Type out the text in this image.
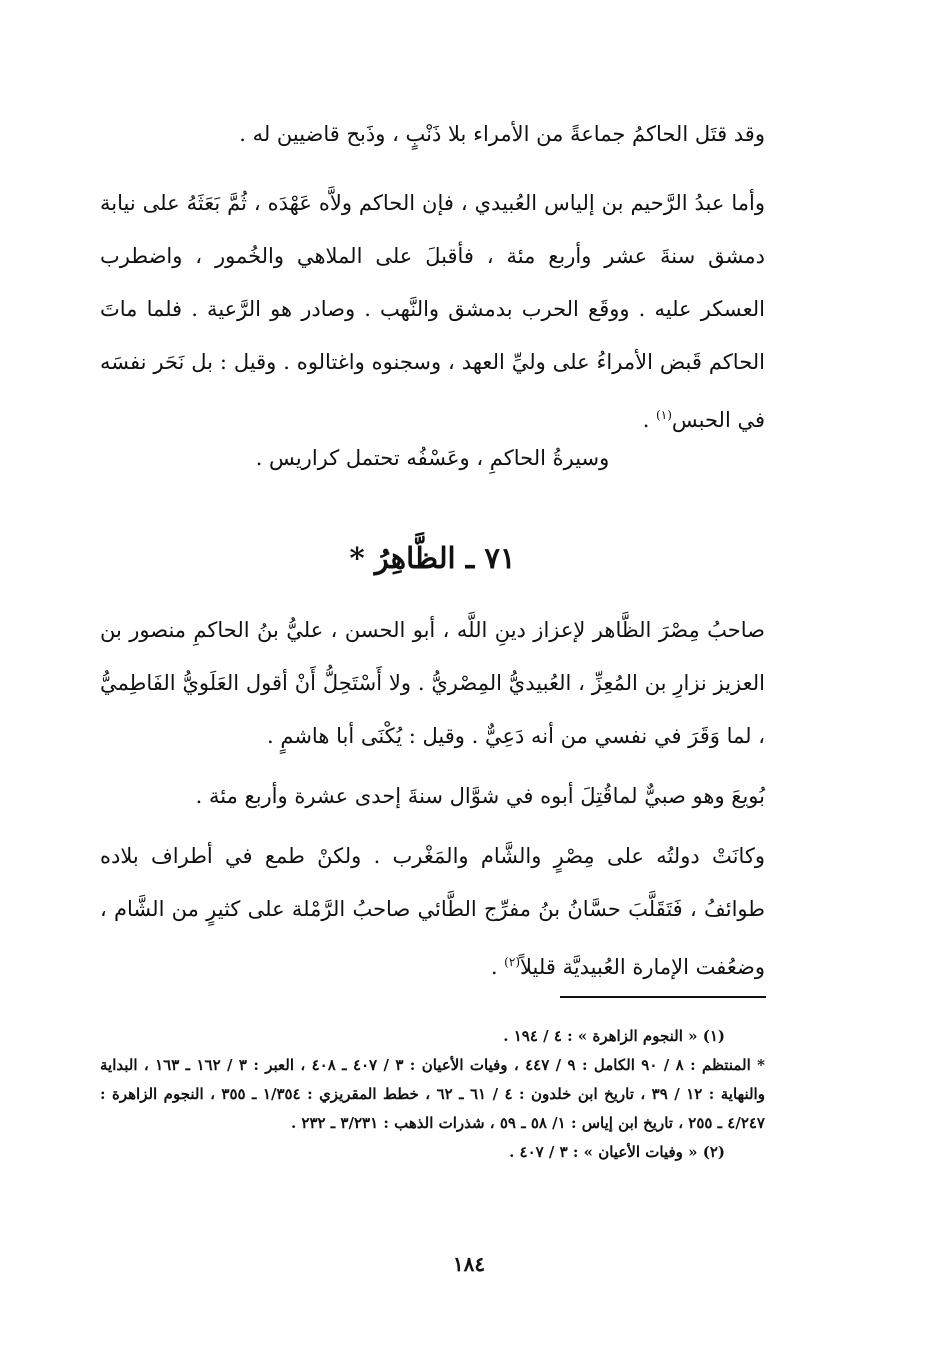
وقد قتَل الحاكمُ جماعةً من الأمراء بلا ذَنْبٍ ، وذَبح قاضيين له .

وأما عبدُ الرَّحيم بن إلياس العُبيدي ، فإن الحاكم ولاَّه عَهْدَه ، ثُمَّ بَعَثَهُ على نيابة دمشق سنةَ عشر وأربع مئة ، فأقبلَ على الملاهي والخُمور ، واضطرب العسكر عليه . ووقَع الحرب بدمشق والنَّهب . وصادر هو الرَّعية . فلما ماتَ الحاكم قَبض الأمراءُ على وليِّ العهد ، وسجنوه واغتالوه . وقيل : بل نَحَر نفسَه في الحبس$^{(١)}$ .

وسيرةُ الحاكمِ ، وعَسْفُه تحتمل كراريس .

٧١ ـ الظَّاهِرُ *

صاحبُ مِصْرَ الظَّاهر لإعزاز دينِ اللَّه ، أبو الحسن ، عليُّ بنُ الحاكمِ منصور بن العزيز نزارِ بن المُعِزِّ ، العُبيديُّ المِصْريُّ . ولا أَسْتَحِلُّ أَنْ أقول العَلَويُّ الفَاطِميُّ ، لما وَقَرَ في نفسي من أنه دَعِيٌّ . وقيل : يُكْنَى أبا هاشمٍ .

بُويعَ وهو صبيٌّ لماقُتِلَ أبوه في شوَّال سنةَ إحدى عشرة وأربع مئة .

وكانَتْ دولتُه على مِصْرٍ والشَّام والمَغْرب . ولكنْ طمع في أطراف بلاده طوائفُ ، فَتَقَلَّبَ حسَّانُ بنُ مفرِّج الطَّائي صاحبُ الرَّمْلة على كثيرٍ من الشَّام ، وضعُفت الإمارة العُبيديَّة قليلاً$^{(٢)}$ .

(١) « النجوم الزاهرة » : ٤ / ١٩٤ .

* المنتظم : ٨ / ٩٠ الكامل : ٩ / ٤٤٧ ، وفيات الأعيان : ٣ / ٤٠٧ ـ ٤٠٨ ، العبر : ٣ / ١٦٢ ـ ١٦٣ ، البداية والنهاية : ١٢ / ٣٩ ، تاريخ ابن خلدون : ٤ / ٦١ ـ ٦٢ ، خطط المقريزي : ١/٣٥٤ ـ ٣٥٥ ، النجوم الزاهرة : ٤/٢٤٧ ـ ٢٥٥ ، تاريخ ابن إياس : ١/ ٥٨ ـ ٥٩ ، شذرات الذهب : ٣/٢٣١ ـ ٢٣٢ .

(٢) « وفيات الأعيان » : ٣ / ٤٠٧ .

١٨٤
